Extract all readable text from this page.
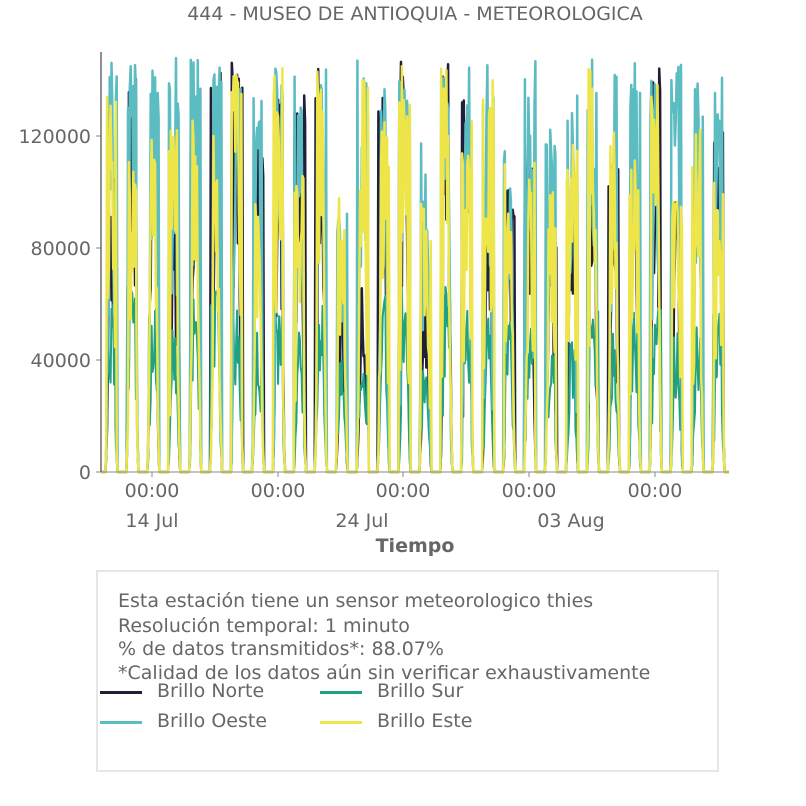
444 - MUSEO DE ANTIOQUIA - METEOROLOGICA
0
40000
80000
120000
00:00
14 Jul
00:00	00:00
24 Jul
00:00	00:00
03 Aug
Tiempo
Esta estación tiene un sensor meteorologico thies
Resolución temporal: 1 minuto
% de datos transmitidos*: 88.07%
*Calidad de los datos aún sin verificar exhaustivamente
Brillo Norte	Brillo Sur
Brillo Oeste	Brillo Este
